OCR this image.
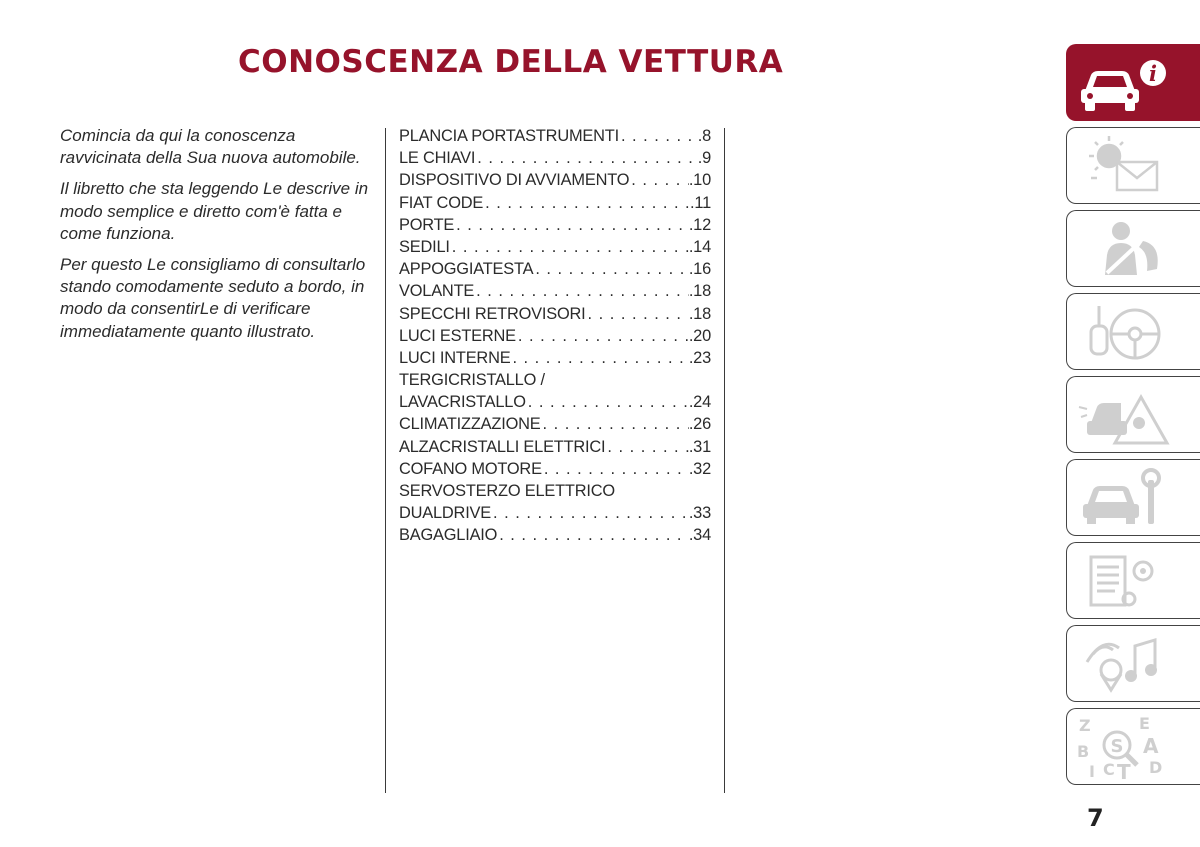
CONOSCENZA DELLA VETTURA

Comincia da qui la conoscenza ravvicinata della Sua nuova automobile.

Il libretto che sta leggendo Le descrive in modo semplice e diretto com'è fatta e come funziona.

Per questo Le consigliamo di consultarlo stando comodamente seduto a bordo, in modo da consentirLe di verificare immediatamente quanto illustrato.

PLANCIA PORTASTRUMENTI . . .	.8
LE CHIAVI . . .	.9
DISPOSITIVO DI AVVIAMENTO . . .	.10
FIAT CODE . . .	.11
PORTE . . .	.12
SEDILI . . .	.14
APPOGGIATESTA . . .	.16
VOLANTE . . .	.18
SPECCHI RETROVISORI . . .	.18
LUCI ESTERNE . . .	.20
LUCI INTERNE . . .	.23
TERGICRISTALLO /
LAVACRISTALLO . . .	.24
CLIMATIZZAZIONE . . .	.26
ALZACRISTALLI ELETTRICI . . .	.31
COFANO MOTORE . . .	.32
SERVOSTERZO ELETTRICO
DUALDRIVE . . .	.33
BAGAGLIAIO . . .	.34
i
Z	E
B	A
I C T D
S
7
